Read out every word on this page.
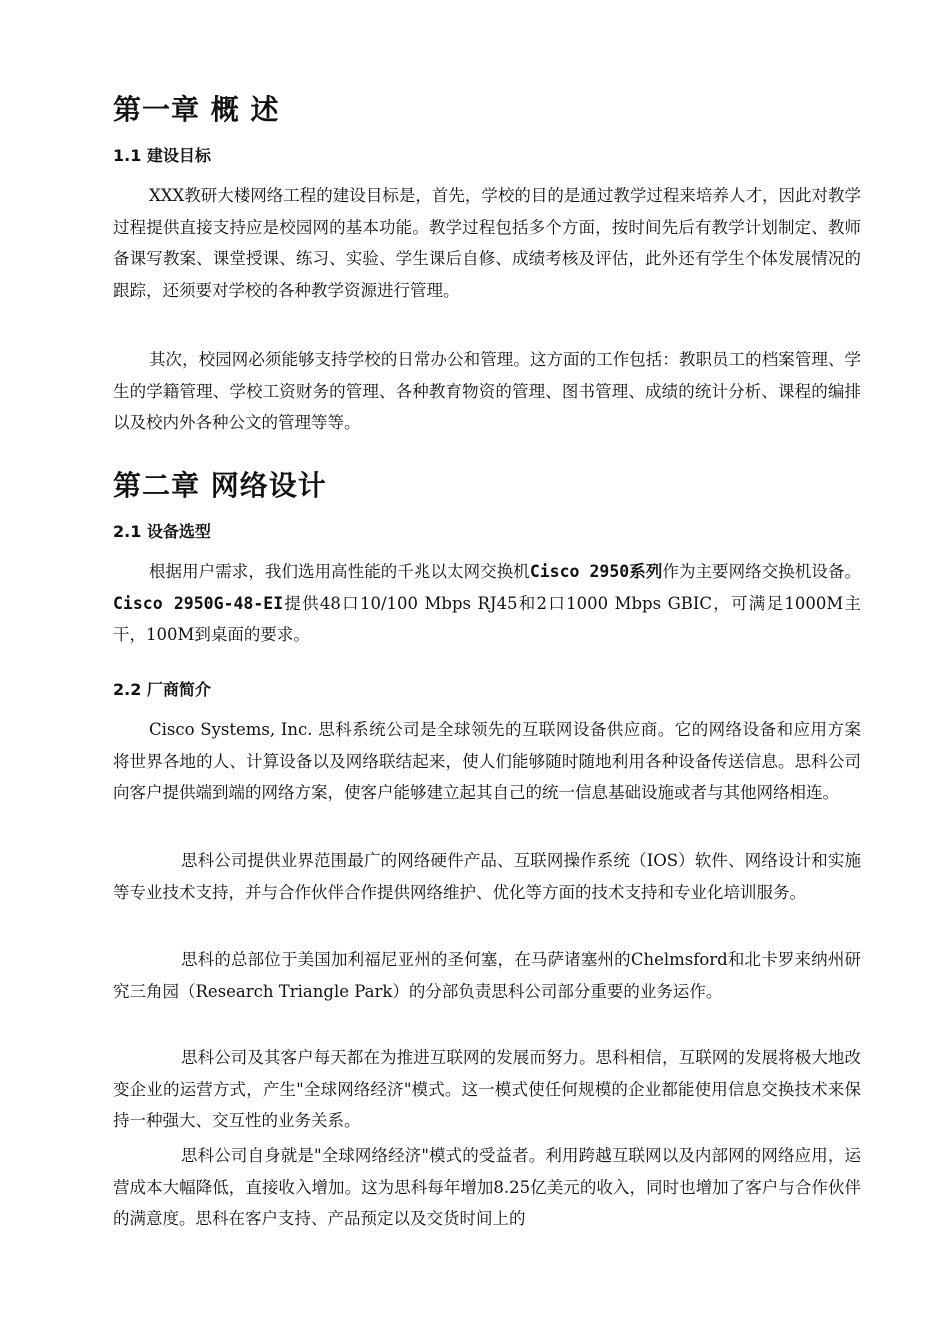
第一章 概 述
1.1 建设目标

XXX教研大楼网络工程的建设目标是，首先，学校的目的是通过教学过程来培养人才，因此对教学过程提供直接支持应是校园网的基本功能。教学过程包括多个方面，按时间先后有教学计划制定、教师备课写教案、课堂授课、练习、实验、学生课后自修、成绩考核及评估，此外还有学生个体发展情况的跟踪，还须要对学校的各种教学资源进行管理。

其次，校园网必须能够支持学校的日常办公和管理。这方面的工作包括：教职员工的档案管理、学生的学籍管理、学校工资财务的管理、各种教育物资的管理、图书管理、成绩的统计分析、课程的编排以及校内外各种公文的管理等等。

第二章 网络设计
2.1 设备选型

根据用户需求，我们选用高性能的千兆以太网交换机Cisco 2950系列作为主要网络交换机设备。Cisco 2950G-48-EI提供48口10/100 Mbps RJ45和2口1000 Mbps GBIC，可满足1000M主干，100M到桌面的要求。

2.2 厂商简介

Cisco Systems, Inc. 思科系统公司是全球领先的互联网设备供应商。它的网络设备和应用方案将世界各地的人、计算设备以及网络联结起来，使人们能够随时随地利用各种设备传送信息。思科公司向客户提供端到端的网络方案，使客户能够建立起其自己的统一信息基础设施或者与其他网络相连。

思科公司提供业界范围最广的网络硬件产品、互联网操作系统（IOS）软件、网络设计和实施等专业技术支持，并与合作伙伴合作提供网络维护、优化等方面的技术支持和专业化培训服务。

思科的总部位于美国加利福尼亚州的圣何塞，在马萨诸塞州的Chelmsford和北卡罗来纳州研究三角园（Research Triangle Park）的分部负责思科公司部分重要的业务运作。

思科公司及其客户每天都在为推进互联网的发展而努力。思科相信，互联网的发展将极大地改变企业的运营方式，产生"全球网络经济"模式。这一模式使任何规模的企业都能使用信息交换技术来保持一种强大、交互性的业务关系。

思科公司自身就是"全球网络经济"模式的受益者。利用跨越互联网以及内部网的网络应用，运营成本大幅降低，直接收入增加。这为思科每年增加8.25亿美元的收入，同时也增加了客户与合作伙伴的满意度。思科在客户支持、产品预定以及交货时间上的
